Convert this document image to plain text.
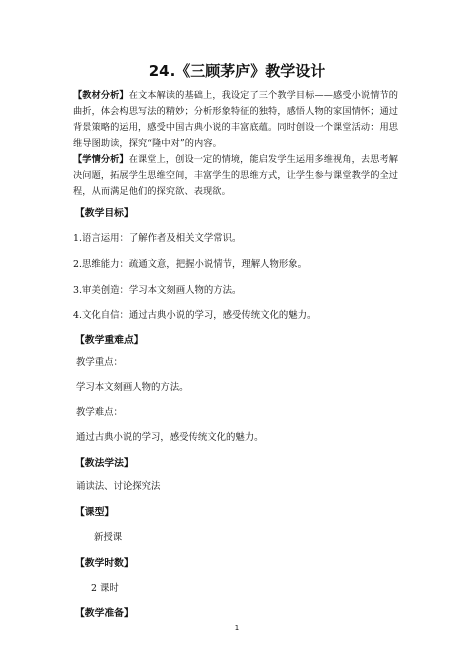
24.《三顾茅庐》教学设计
【教材分析】在文本解读的基础上，我设定了三个教学目标——感受小说情节的
曲折，体会构思写法的精妙；分析形象特征的独特，感悟人物的家国情怀；通过
背景策略的运用，感受中国古典小说的丰富底蕴。同时创设一个课堂活动：用思
维导图助读，探究“隆中对”的内容。
【学情分析】在课堂上，创设一定的情境，能启发学生运用多维视角，去思考解
决问题，拓展学生思维空间，丰富学生的思维方式，让学生参与课堂教学的全过
程，从而满足他们的探究欲、表现欲。
【教学目标】
1.语言运用：了解作者及相关文学常识。
2.思维能力：疏通文意，把握小说情节，理解人物形象。
3.审美创造：学习本文刻画人物的方法。
4.文化自信：通过古典小说的学习，感受传统文化的魅力。
【教学重难点】
教学重点：
学习本文刻画人物的方法。
教学难点：
通过古典小说的学习，感受传统文化的魅力。
【教法学法】
诵读法、讨论探究法
【课型】
新授课
【教学时数】
2 课时
【教学准备】
1
